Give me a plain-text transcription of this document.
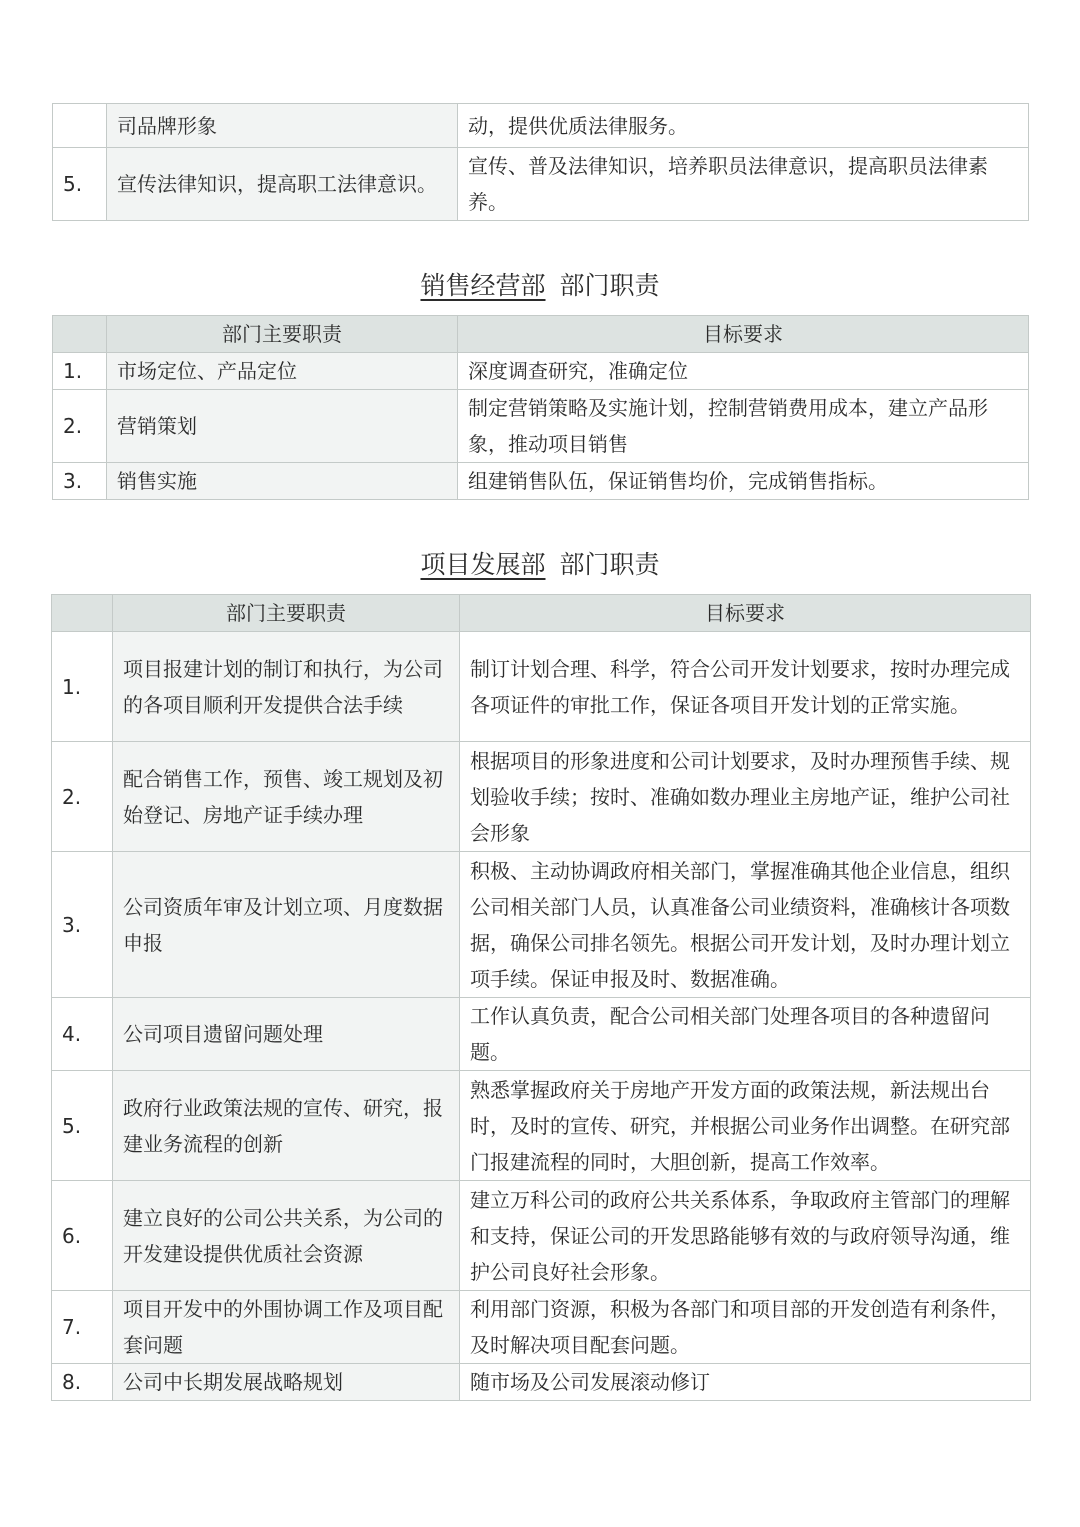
	司品牌形象	动，提供优质法律服务。
5.	宣传法律知识，提高职工法律意识。	宣传、普及法律知识，培养职员法律意识，提高职员法律素养。
销售经营部 部门职责
	部门主要职责	目标要求
1.	市场定位、产品定位	深度调查研究，准确定位
2.	营销策划	制定营销策略及实施计划，控制营销费用成本，建立产品形象，推动项目销售
3.	销售实施	组建销售队伍，保证销售均价，完成销售指标。
项目发展部 部门职责
	部门主要职责	目标要求
1.	项目报建计划的制订和执行，为公司的各项目顺利开发提供合法手续	制订计划合理、科学，符合公司开发计划要求，按时办理完成各项证件的审批工作，保证各项目开发计划的正常实施。
2.	配合销售工作，预售、竣工规划及初始登记、房地产证手续办理	根据项目的形象进度和公司计划要求，及时办理预售手续、规划验收手续；按时、准确如数办理业主房地产证，维护公司社会形象
3.	公司资质年审及计划立项、月度数据申报	积极、主动协调政府相关部门，掌握准确其他企业信息，组织公司相关部门人员，认真准备公司业绩资料，准确核计各项数据，确保公司排名领先。根据公司开发计划，及时办理计划立项手续。保证申报及时、数据准确。
4.	公司项目遗留问题处理	工作认真负责，配合公司相关部门处理各项目的各种遗留问题。
5.	政府行业政策法规的宣传、研究，报建业务流程的创新	熟悉掌握政府关于房地产开发方面的政策法规，新法规出台时，及时的宣传、研究，并根据公司业务作出调整。在研究部门报建流程的同时，大胆创新，提高工作效率。
6.	建立良好的公司公共关系，为公司的开发建设提供优质社会资源	建立万科公司的政府公共关系体系，争取政府主管部门的理解和支持，保证公司的开发思路能够有效的与政府领导沟通，维护公司良好社会形象。
7.	项目开发中的外围协调工作及项目配套问题	利用部门资源，积极为各部门和项目部的开发创造有利条件，及时解决项目配套问题。
8.	公司中长期发展战略规划	随市场及公司发展滚动修订
